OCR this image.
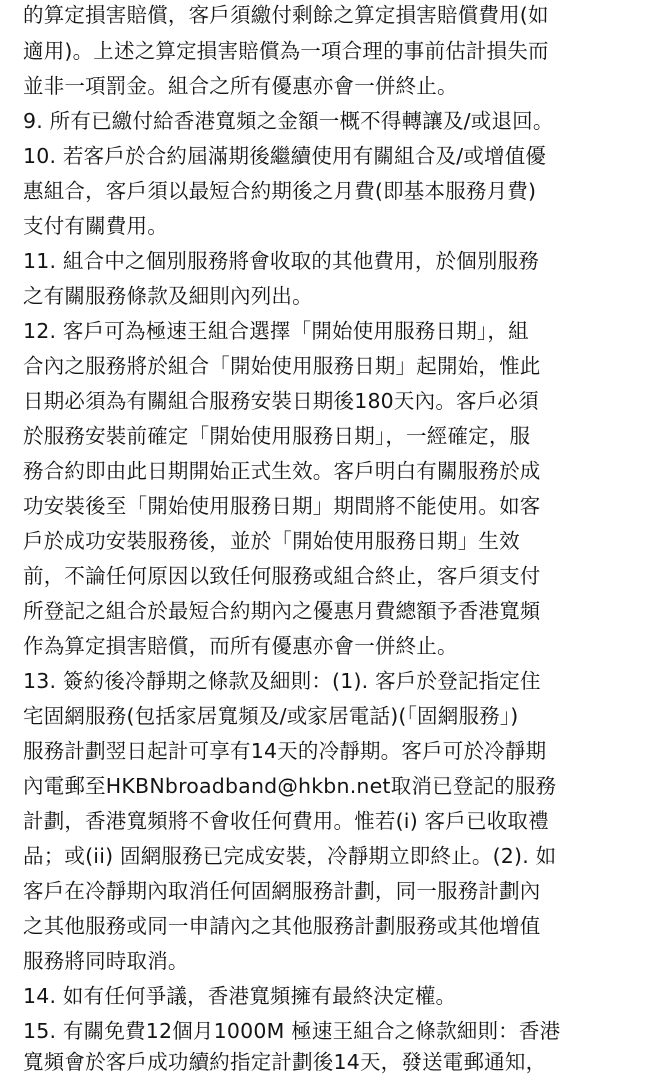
的算定損害賠償，客戶須繳付剩餘之算定損害賠償費用(如
適用)。上述之算定損害賠償為一項合理的事前估計損失而
並非一項罰金。組合之所有優惠亦會一併終止。
9. 所有已繳付給香港寬頻之金額一概不得轉讓及/或退回。
10. 若客戶於合約屆滿期後繼續使用有關組合及/或增值優
惠組合，客戶須以最短合約期後之月費(即基本服務月費)
支付有關費用。
11. 組合中之個別服務將會收取的其他費用，於個別服務
之有關服務條款及細則內列出。
12. 客戶可為極速王組合選擇「開始使用服務日期」，組
合內之服務將於組合「開始使用服務日期」起開始，惟此
日期必須為有關組合服務安裝日期後180天內。客戶必須
於服務安裝前確定「開始使用服務日期」，一經確定，服
務合約即由此日期開始正式生效。客戶明白有關服務於成
功安裝後至「開始使用服務日期」期間將不能使用。如客
戶於成功安裝服務後，並於「開始使用服務日期」生效
前，不論任何原因以致任何服務或組合終止，客戶須支付
所登記之組合於最短合約期內之優惠月費總額予香港寬頻
作為算定損害賠償，而所有優惠亦會一併終止。
13. 簽約後冷靜期之條款及細則：(1). 客戶於登記指定住
宅固網服務(包括家居寬頻及/或家居電話)(「固網服務」)
服務計劃翌日起計可享有14天的冷靜期。客戶可於冷靜期
內電郵至HKBNbroadband@hkbn.net取消已登記的服務
計劃，香港寬頻將不會收任何費用。惟若(i) 客戶已收取禮
品；或(ii) 固網服務已完成安裝，冷靜期立即終止。(2). 如
客戶在冷靜期內取消任何固網服務計劃，同一服務計劃內
之其他服務或同一申請內之其他服務計劃服務或其他增值
服務將同時取消。
14. 如有任何爭議，香港寬頻擁有最終決定權。
15. 有關免費12個月1000M 極速王組合之條款細則：香港
寬頻會於客戶成功續約指定計劃後14天，發送電郵通知，
